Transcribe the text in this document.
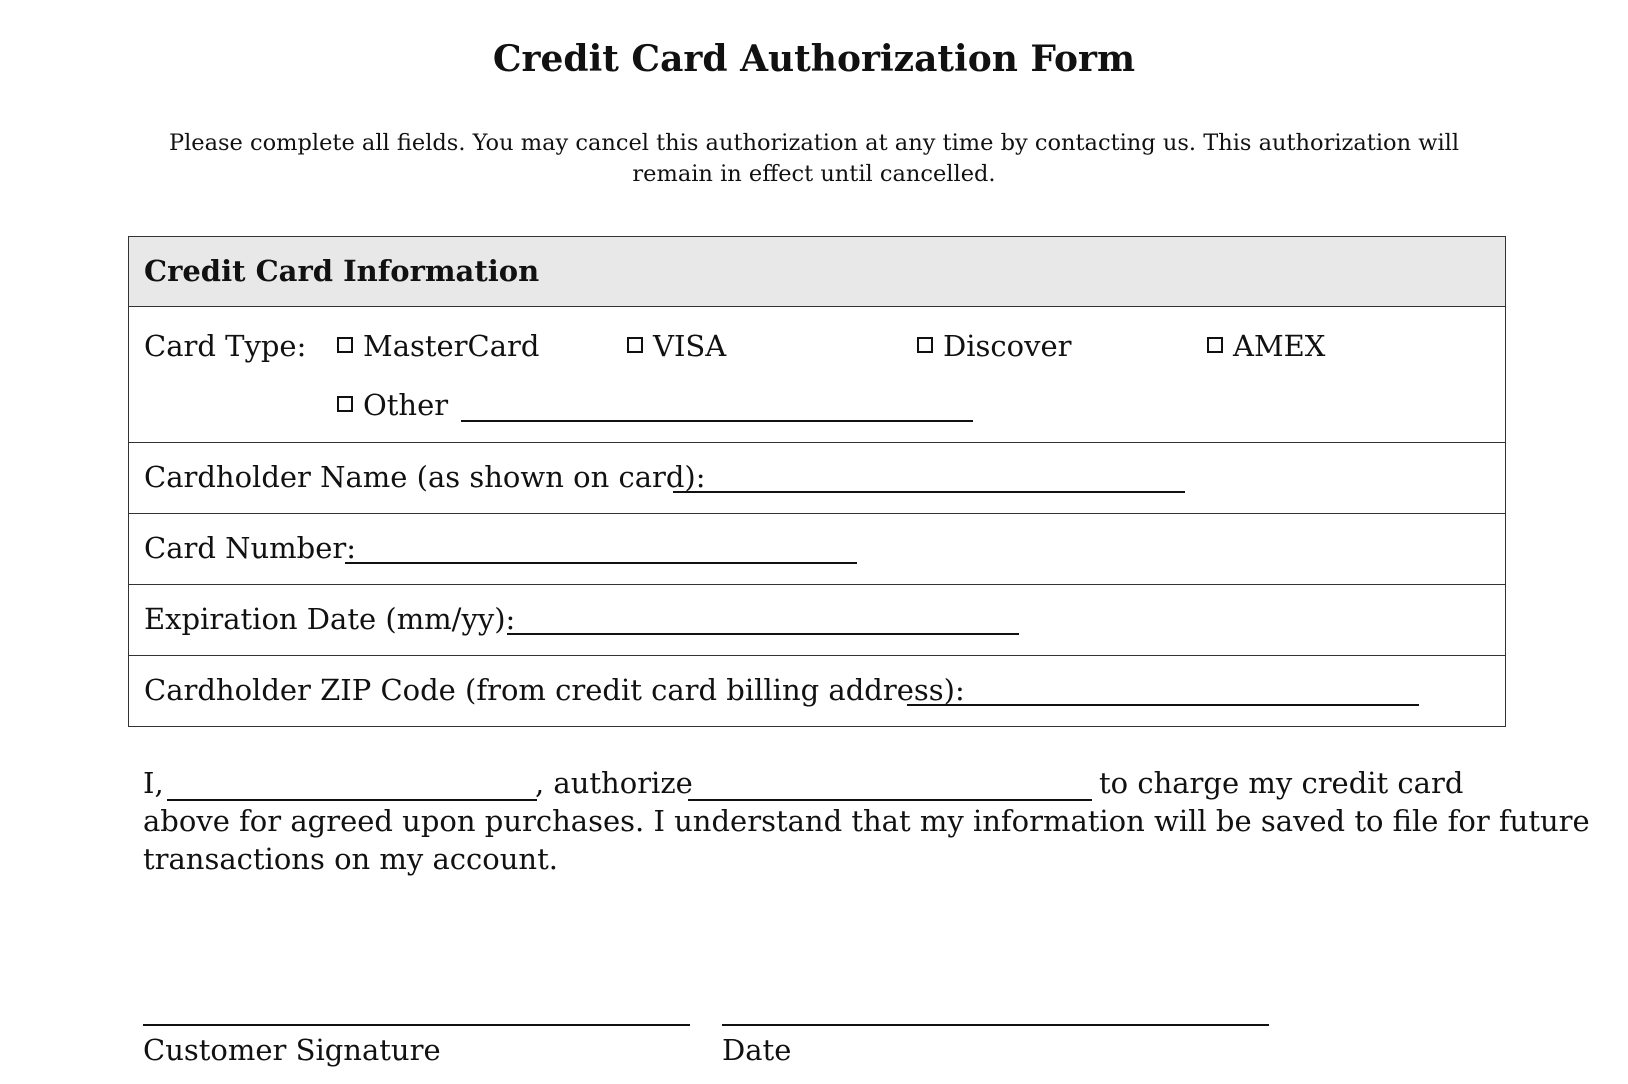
Credit Card Authorization Form
Please complete all fields. You may cancel this authorization at any time by contacting us. This authorization will remain in effect until cancelled.
Credit Card Information
Card Type: MasterCard	VISA	Discover	AMEX
Other
Cardholder Name (as shown on card):
Card Number:
Expiration Date (mm/yy):
Cardholder ZIP Code (from credit card billing address):
I,	, authorize	to charge my credit card
above for agreed upon purchases. I understand that my information will be saved to file for future
transactions on my account.
Customer Signature	Date
